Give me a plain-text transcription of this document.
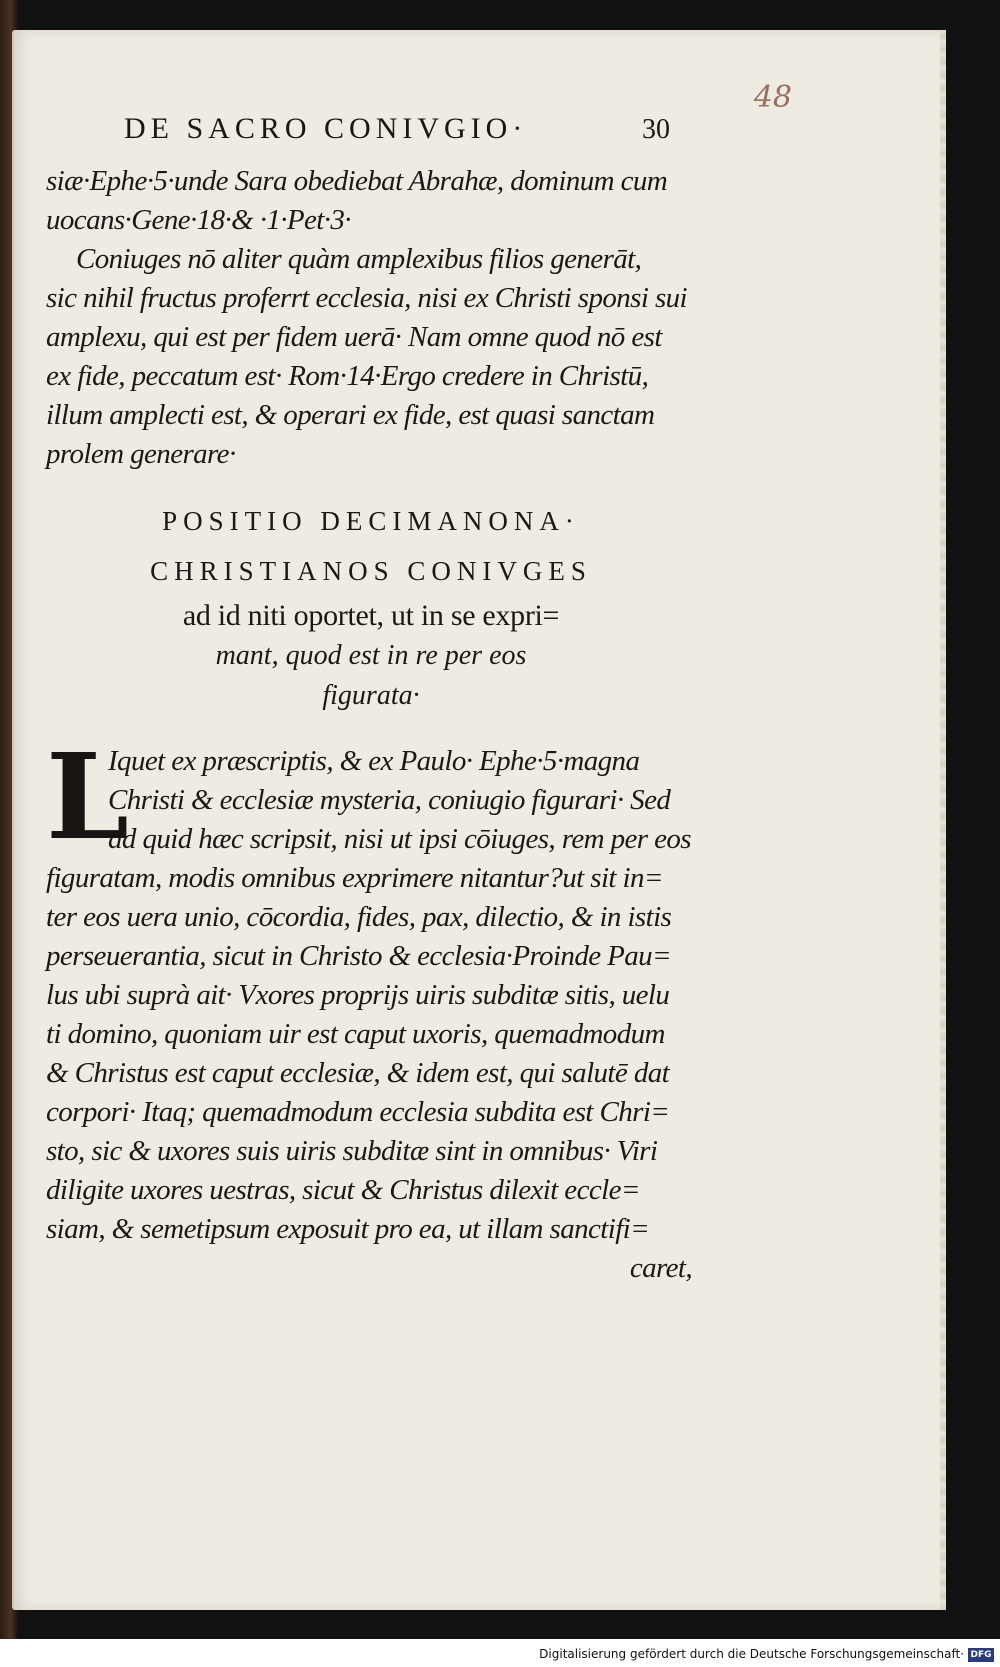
48
DE SACRO CONIVGIO·	30
siæ·Ephe·5·unde Sara obediebat Abrahæ, dominum cum
uocans·Gene·18·& ·1·Pet·3·
Coniuges nō aliter quàm amplexibus filios generāt,
sic nihil fructus proferrt ecclesia, nisi ex Christi sponsi sui
amplexu, qui est per fidem uerā· Nam omne quod nō est
ex fide, peccatum est· Rom·14·Ergo credere in Christū,
illum amplecti est, & operari ex fide, est quasi sanctam
prolem generare·
POSITIO DECIMANONA·
CHRISTIANOS CONIVGES
ad id niti oportet, ut in se expri=
mant, quod est in re per eos
figurata·
L
Iquet ex præscriptis, & ex Paulo· Ephe·5·magna
Christi & ecclesiæ mysteria, coniugio figurari· Sed
ad quid hæc scripsit, nisi ut ipsi cōiuges, rem per eos
figuratam, modis omnibus exprimere nitantur?ut sit in=
ter eos uera unio, cōcordia, fides, pax, dilectio, & in istis
perseuerantia, sicut in Christo & ecclesia·Proinde Pau=
lus ubi suprà ait· Vxores proprijs uiris subditæ sitis, uelu
ti domino, quoniam uir est caput uxoris, quemadmodum
& Christus est caput ecclesiæ, & idem est, qui salutē dat
corpori· Itaq; quemadmodum ecclesia subdita est Chri=
sto, sic & uxores suis uiris subditæ sint in omnibus· Viri
diligite uxores uestras, sicut & Christus dilexit eccle=
siam, & semetipsum exposuit pro ea, ut illam sanctifi=
caret,
Digitalisierung gefördert durch die Deutsche Forschungsgemeinschaft· DFG
